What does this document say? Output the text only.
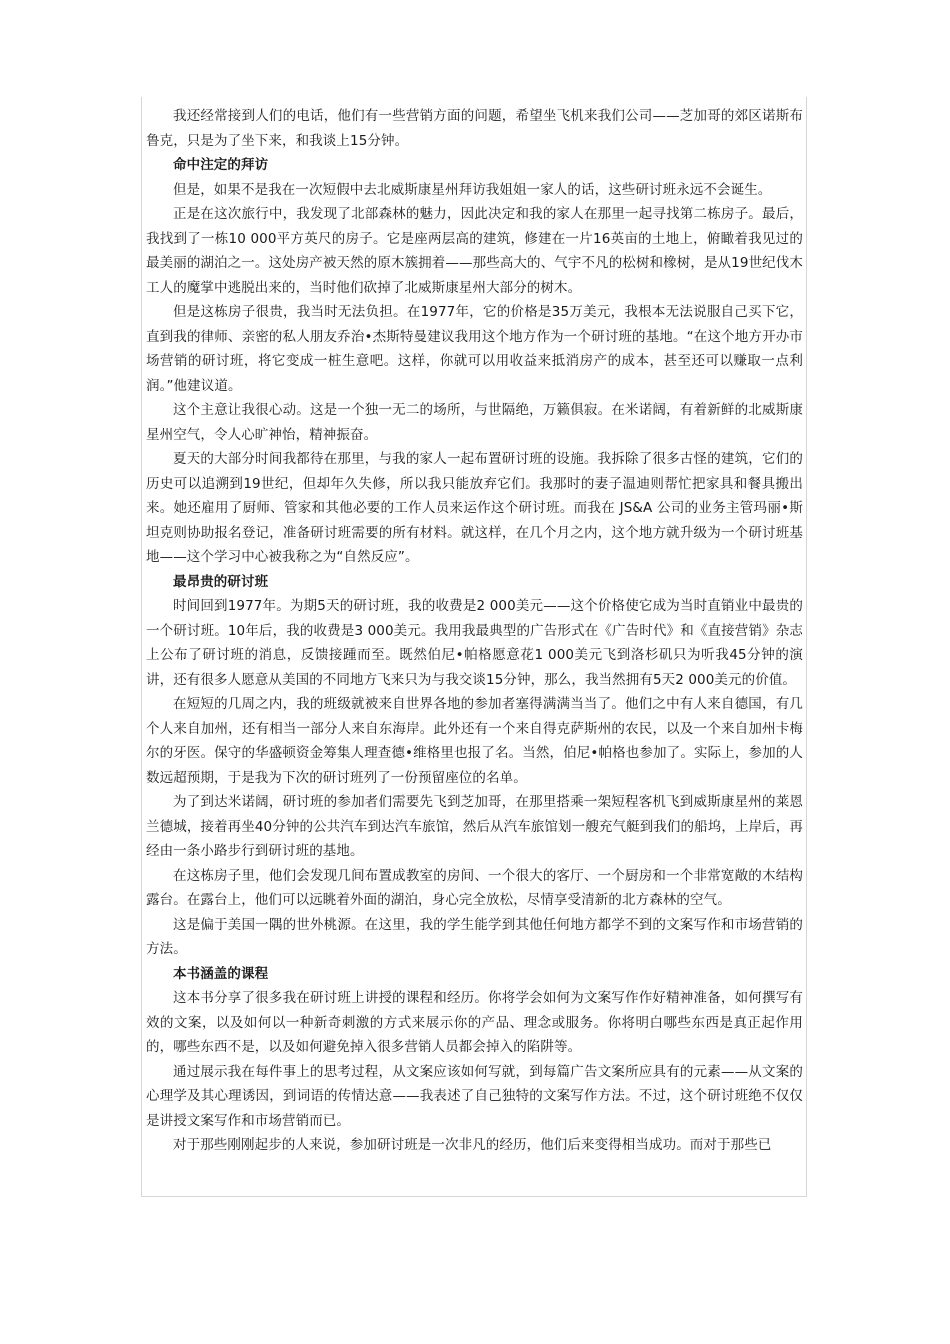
我还经常接到人们的电话，他们有一些营销方面的问题，希望坐飞机来我们公司——芝加哥的郊区诺斯布鲁克，只是为了坐下来，和我谈上15分钟。

命中注定的拜访

但是，如果不是我在一次短假中去北威斯康星州拜访我姐姐一家人的话，这些研讨班永远不会诞生。

正是在这次旅行中，我发现了北部森林的魅力，因此决定和我的家人在那里一起寻找第二栋房子。最后，我找到了一栋10 000平方英尺的房子。它是座两层高的建筑，修建在一片16英亩的土地上，俯瞰着我见过的最美丽的湖泊之一。这处房产被天然的原木簇拥着——那些高大的、气宇不凡的松树和橡树，是从19世纪伐木工人的魔掌中逃脱出来的，当时他们砍掉了北威斯康星州大部分的树木。

但是这栋房子很贵，我当时无法负担。在1977年，它的价格是35万美元，我根本无法说服自己买下它，直到我的律师、亲密的私人朋友乔治•杰斯特曼建议我用这个地方作为一个研讨班的基地。“在这个地方开办市场营销的研讨班，将它变成一桩生意吧。这样，你就可以用收益来抵消房产的成本，甚至还可以赚取一点利润。”他建议道。

这个主意让我很心动。这是一个独一无二的场所，与世隔绝，万籁俱寂。在米诺阔，有着新鲜的北威斯康星州空气，令人心旷神怡，精神振奋。

夏天的大部分时间我都待在那里，与我的家人一起布置研讨班的设施。我拆除了很多古怪的建筑，它们的历史可以追溯到19世纪，但却年久失修，所以我只能放弃它们。我那时的妻子温迪则帮忙把家具和餐具搬出来。她还雇用了厨师、管家和其他必要的工作人员来运作这个研讨班。而我在 JS&A 公司的业务主管玛丽•斯坦克则协助报名登记，准备研讨班需要的所有材料。就这样，在几个月之内，这个地方就升级为一个研讨班基地——这个学习中心被我称之为“自然反应”。

最昂贵的研讨班

时间回到1977年。为期5天的研讨班，我的收费是2 000美元——这个价格使它成为当时直销业中最贵的一个研讨班。10年后，我的收费是3 000美元。我用我最典型的广告形式在《广告时代》和《直接营销》杂志上公布了研讨班的消息，反馈接踵而至。既然伯尼•帕格愿意花1 000美元飞到洛杉矶只为听我45分钟的演讲，还有很多人愿意从美国的不同地方飞来只为与我交谈15分钟，那么，我当然拥有5天2 000美元的价值。

在短短的几周之内，我的班级就被来自世界各地的参加者塞得满满当当了。他们之中有人来自德国，有几个人来自加州，还有相当一部分人来自东海岸。此外还有一个来自得克萨斯州的农民，以及一个来自加州卡梅尔的牙医。保守的华盛顿资金筹集人理查德•维格里也报了名。当然，伯尼•帕格也参加了。实际上，参加的人数远超预期，于是我为下次的研讨班列了一份预留座位的名单。

为了到达米诺阔，研讨班的参加者们需要先飞到芝加哥，在那里搭乘一架短程客机飞到威斯康星州的莱恩兰德城，接着再坐40分钟的公共汽车到达汽车旅馆，然后从汽车旅馆划一艘充气艇到我们的船坞，上岸后，再经由一条小路步行到研讨班的基地。

在这栋房子里，他们会发现几间布置成教室的房间、一个很大的客厅、一个厨房和一个非常宽敞的木结构露台。在露台上，他们可以远眺着外面的湖泊，身心完全放松，尽情享受清新的北方森林的空气。

这是偏于美国一隅的世外桃源。在这里，我的学生能学到其他任何地方都学不到的文案写作和市场营销的方法。

本书涵盖的课程

这本书分享了很多我在研讨班上讲授的课程和经历。你将学会如何为文案写作作好精神准备，如何撰写有效的文案，以及如何以一种新奇刺激的方式来展示你的产品、理念或服务。你将明白哪些东西是真正起作用的，哪些东西不是，以及如何避免掉入很多营销人员都会掉入的陷阱等。

通过展示我在每件事上的思考过程，从文案应该如何写就，到每篇广告文案所应具有的元素——从文案的心理学及其心理诱因，到词语的传情达意——我表述了自己独特的文案写作方法。不过，这个研讨班绝不仅仅是讲授文案写作和市场营销而已。

对于那些刚刚起步的人来说，参加研讨班是一次非凡的经历，他们后来变得相当成功。而对于那些已
